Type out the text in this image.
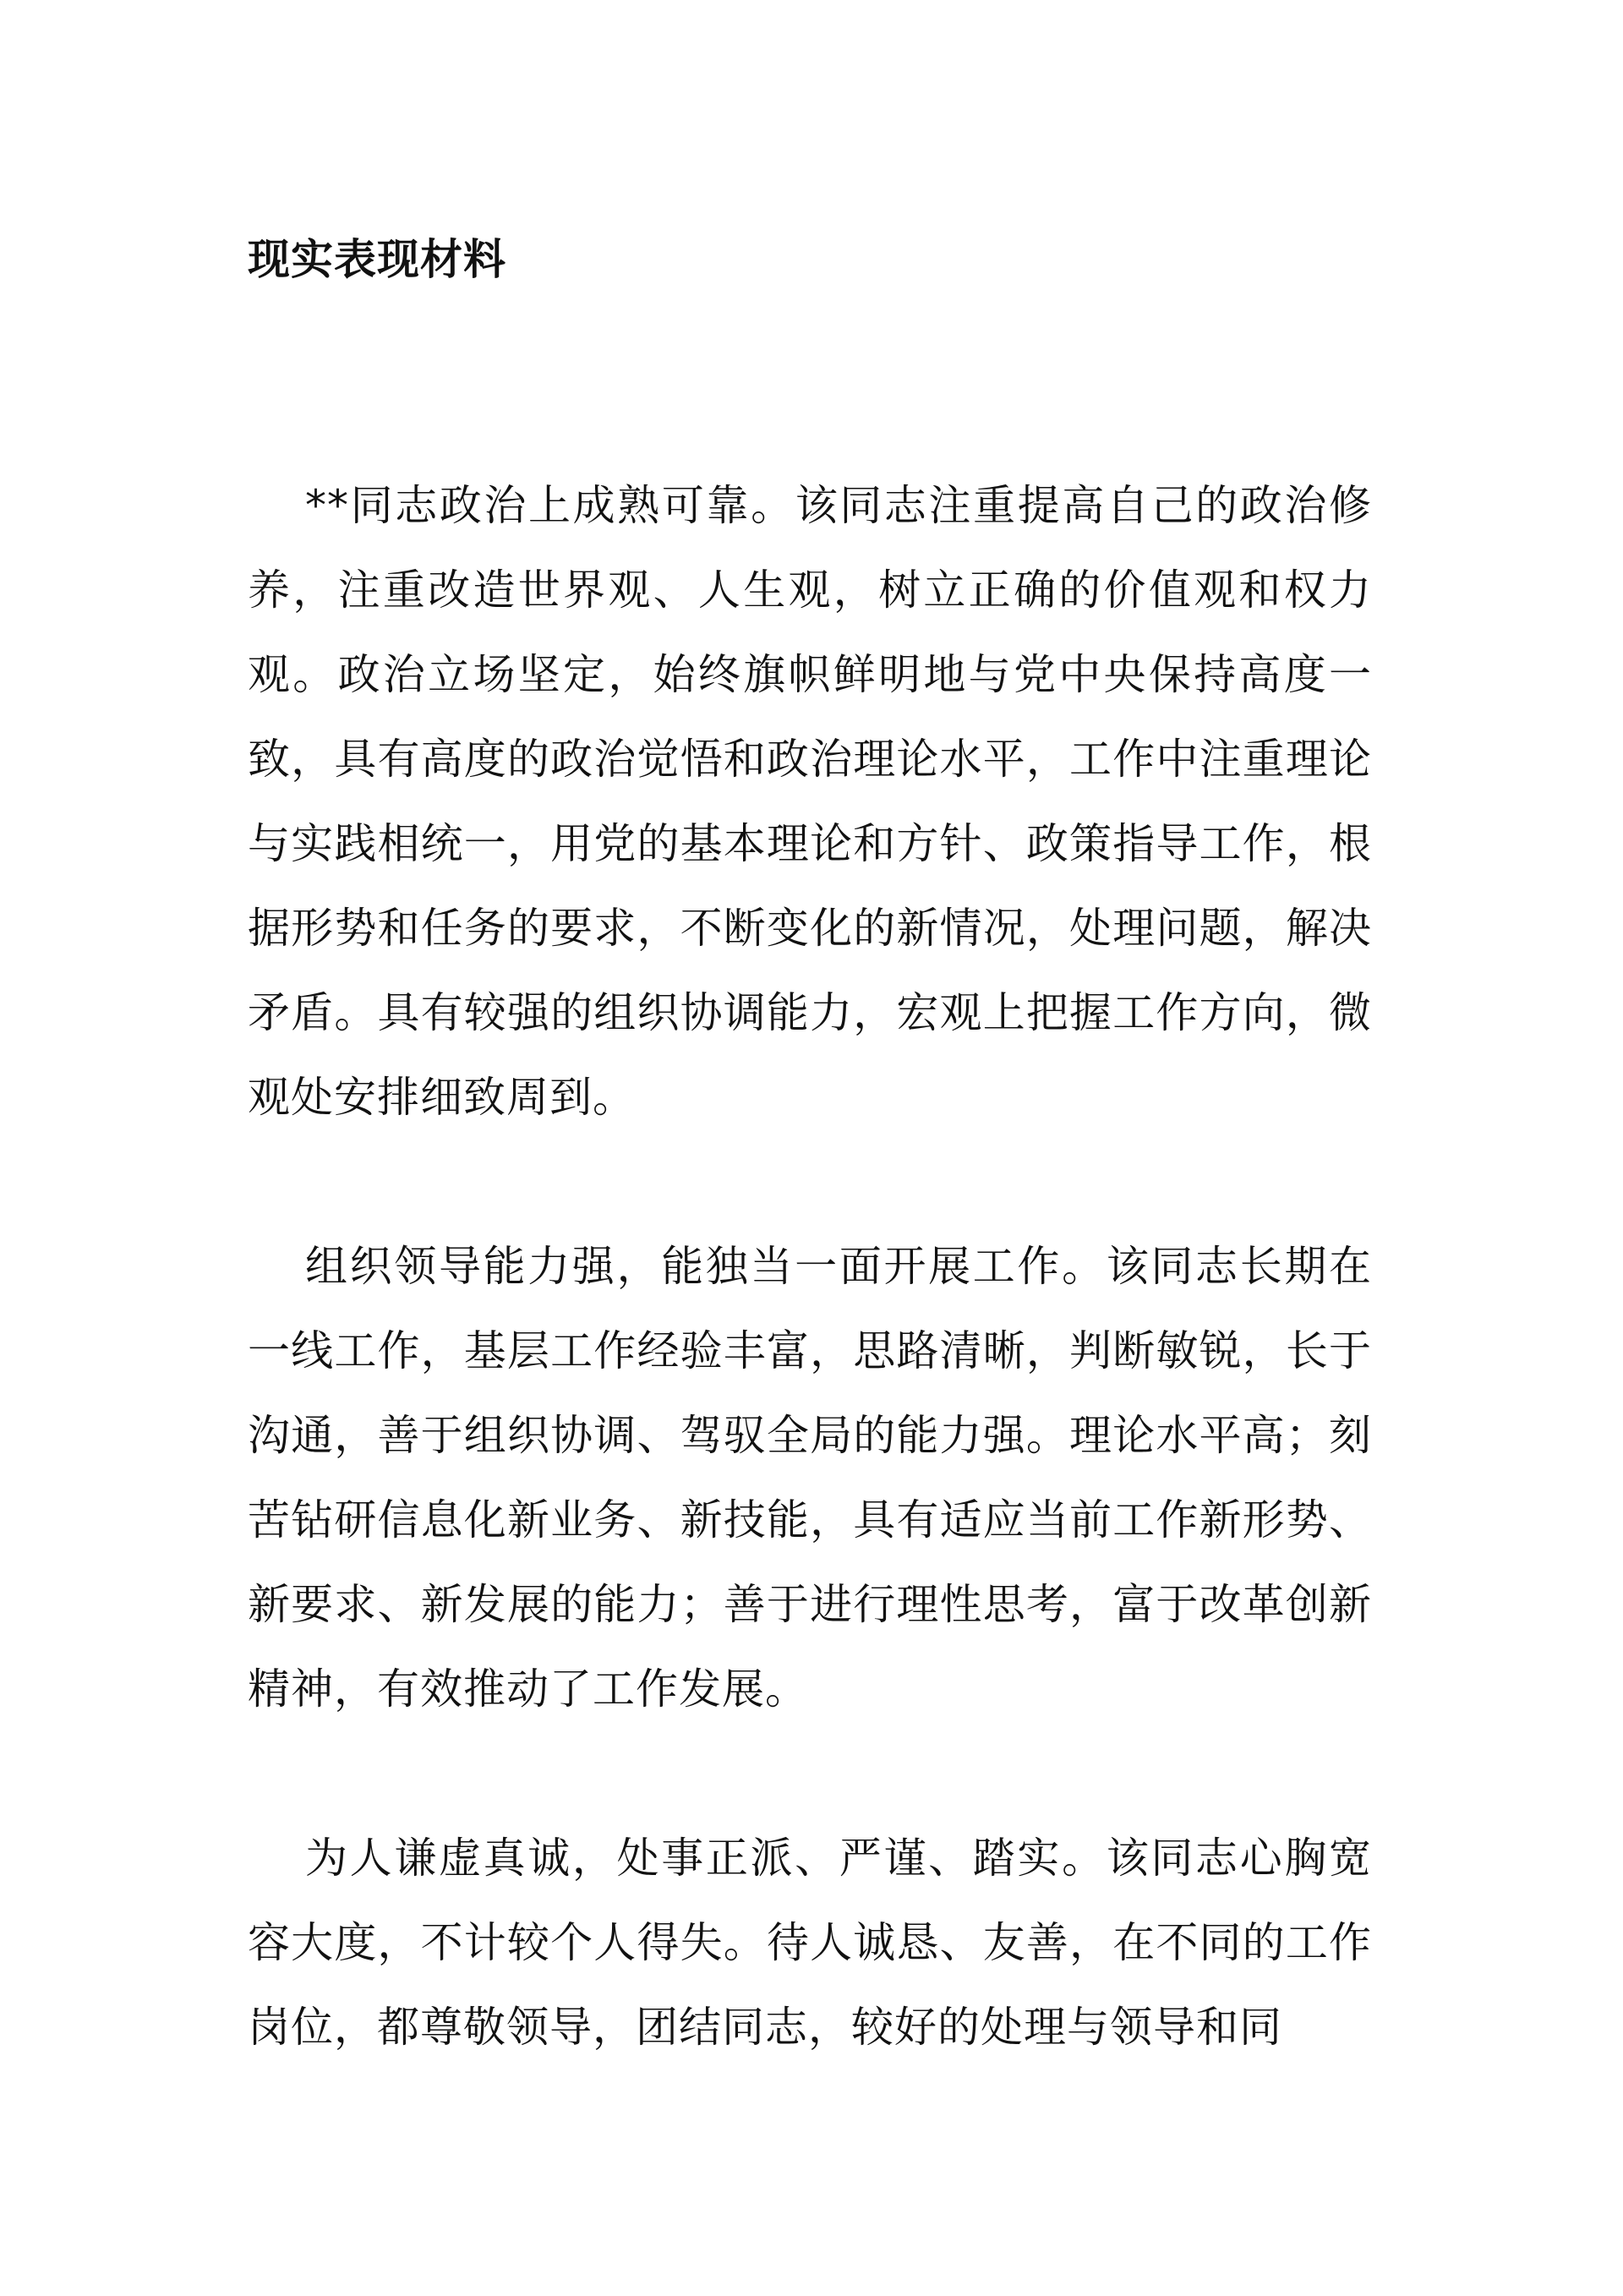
现实表现材料

**同志政治上成熟可靠。该同志注重提高自己的政治修养，注重改造世界观、人生观，树立正确的价值观和权力观。政治立场坚定，始终旗帜鲜明地与党中央保持高度一致，具有高度的政治觉悟和政治理论水平，工作中注重理论与实践相统一，用党的基本理论和方针、政策指导工作，根据形势和任务的要求，不断变化的新情况，处理问题，解决矛盾。具有较强的组织协调能力，宏观上把握工作方向，微观处安排细致周到。

组织领导能力强，能独当一面开展工作。该同志长期在一线工作，基层工作经验丰富，思路清晰，判断敏锐，长于沟通，善于组织协调、驾驭全局的能力强。理论水平高；刻苦钻研信息化新业务、新技能，具有适应当前工作新形势、新要求、新发展的能力；善于进行理性思考，富于改革创新精神，有效推动了工作发展。

为人谦虚真诚，处事正派、严谨、踏实。该同志心胸宽容大度，不计较个人得失。待人诚恳、友善，在不同的工作岗位，都尊敬领导，团结同志，较好的处理与领导和同
